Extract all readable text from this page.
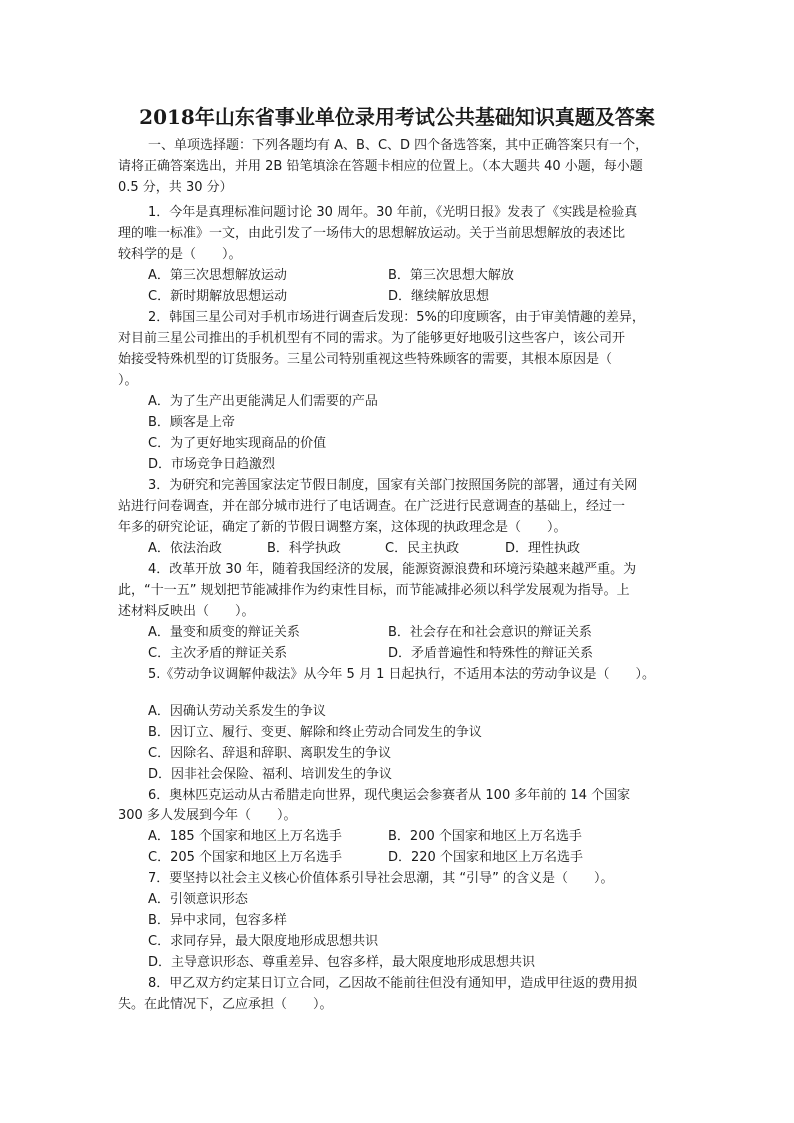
2018年山东省事业单位录用考试公共基础知识真题及答案
一、单项选择题：下列各题均有 A、B、C、D 四个备选答案，其中正确答案只有一个，
请将正确答案选出，并用 2B 铅笔填涂在答题卡相应的位置上。（本大题共 40 小题，每小题
0.5 分，共 30 分）
1．今年是真理标准问题讨论 30 周年。30 年前，《光明日报》发表了《实践是检验真
理的唯一标准》一文，由此引发了一场伟大的思想解放运动。关于当前思想解放的表述比
较科学的是（　　）。
A．第三次思想解放运动	B．第三次思想大解放
C．新时期解放思想运动	D．继续解放思想
2．韩国三星公司对手机市场进行调查后发现：5%的印度顾客，由于审美情趣的差异，
对目前三星公司推出的手机机型有不同的需求。为了能够更好地吸引这些客户，该公司开
始接受特殊机型的订货服务。三星公司特别重视这些特殊顾客的需要，其根本原因是（
）。
A．为了生产出更能满足人们需要的产品
B．顾客是上帝
C．为了更好地实现商品的价值
D．市场竞争日趋激烈
3．为研究和完善国家法定节假日制度，国家有关部门按照国务院的部署，通过有关网
站进行问卷调查，并在部分城市进行了电话调查。在广泛进行民意调查的基础上，经过一
年多的研究论证，确定了新的节假日调整方案，这体现的执政理念是（　　）。
A．依法治政	B．科学执政	C．民主执政	D．理性执政
4．改革开放 30 年，随着我国经济的发展，能源资源浪费和环境污染越来越严重。为
此，“十一五” 规划把节能减排作为约束性目标，而节能减排必须以科学发展观为指导。上
述材料反映出（　　）。
A．量变和质变的辩证关系	B．社会存在和社会意识的辩证关系
C．主次矛盾的辩证关系	D．矛盾普遍性和特殊性的辩证关系
5.《劳动争议调解仲裁法》从今年 5 月 1 日起执行，不适用本法的劳动争议是（　　）。
A．因确认劳动关系发生的争议
B．因订立、履行、变更、解除和终止劳动合同发生的争议
C．因除名、辞退和辞职、离职发生的争议
D．因非社会保险、福利、培训发生的争议
6．奥林匹克运动从古希腊走向世界，现代奥运会参赛者从 100 多年前的 14 个国家
300 多人发展到今年（　　）。
A．185 个国家和地区上万名选手	B．200 个国家和地区上万名选手
C．205 个国家和地区上万名选手	D．220 个国家和地区上万名选手
7．要坚持以社会主义核心价值体系引导社会思潮，其 “引导” 的含义是（　　）。
A．引领意识形态
B．异中求同，包容多样
C．求同存异，最大限度地形成思想共识
D．主导意识形态、尊重差异、包容多样，最大限度地形成思想共识
8．甲乙双方约定某日订立合同，乙因故不能前往但没有通知甲，造成甲往返的费用损
失。在此情况下，乙应承担（　　）。
